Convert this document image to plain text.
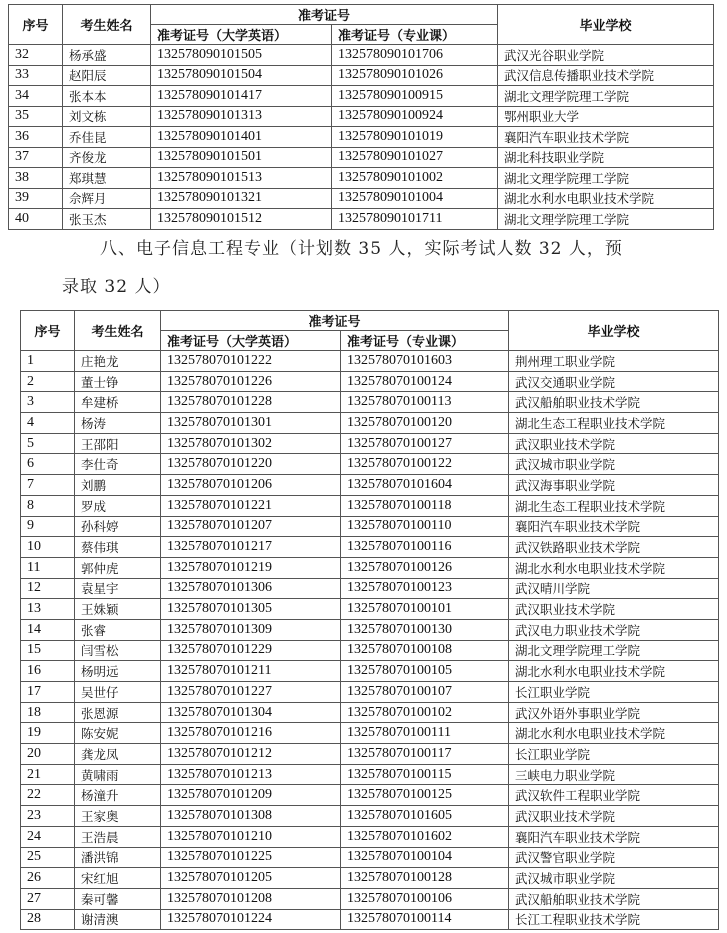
序号	考生姓名	准考证号		毕业学校
		准考证号（大学英语）	准考证号（专业课）	
32	杨承盛	132578090101505	132578090101706	武汉光谷职业学院
33	赵阳辰	132578090101504	132578090101026	武汉信息传播职业技术学院
34	张本本	132578090101417	132578090100915	湖北文理学院理工学院
35	刘文栋	132578090101313	132578090100924	鄂州职业大学
36	乔佳昆	132578090101401	132578090101019	襄阳汽车职业技术学院
37	齐俊龙	132578090101501	132578090101027	湖北科技职业学院
38	郑琪慧	132578090101513	132578090101002	湖北文理学院理工学院
39	佘辉月	132578090101321	132578090101004	湖北水利水电职业技术学院
40	张玉杰	132578090101512	132578090101711	湖北文理学院理工学院
八、电子信息工程专业（计划数 35 人，实际考试人数 32 人，预
录取 32 人）
序号	考生姓名	准考证号		毕业学校
		准考证号（大学英语）	准考证号（专业课）	
1	庄艳龙	132578070101222	132578070101603	荆州理工职业学院
2	董士铮	132578070101226	132578070100124	武汉交通职业学院
3	牟建桥	132578070101228	132578070100113	武汉船舶职业技术学院
4	杨涛	132578070101301	132578070100120	湖北生态工程职业技术学院
5	王邵阳	132578070101302	132578070100127	武汉职业技术学院
6	李仕奇	132578070101220	132578070100122	武汉城市职业学院
7	刘鹏	132578070101206	132578070101604	武汉海事职业学院
8	罗成	132578070101221	132578070100118	湖北生态工程职业技术学院
9	孙科婷	132578070101207	132578070100110	襄阳汽车职业技术学院
10	蔡伟琪	132578070101217	132578070100116	武汉铁路职业技术学院
11	郭仲虎	132578070101219	132578070100126	湖北水利水电职业技术学院
12	袁星宇	132578070101306	132578070100123	武汉晴川学院
13	王姝颖	132578070101305	132578070100101	武汉职业技术学院
14	张睿	132578070101309	132578070100130	武汉电力职业技术学院
15	闫雪松	132578070101229	132578070100108	湖北文理学院理工学院
16	杨明远	132578070101211	132578070100105	湖北水利水电职业技术学院
17	吴世仔	132578070101227	132578070100107	长江职业学院
18	张恩源	132578070101304	132578070100102	武汉外语外事职业学院
19	陈安妮	132578070101216	132578070100111	湖北水利水电职业技术学院
20	龚龙凤	132578070101212	132578070100117	长江职业学院
21	黄啸雨	132578070101213	132578070100115	三峡电力职业学院
22	杨潼升	132578070101209	132578070100125	武汉软件工程职业学院
23	王家奥	132578070101308	132578070101605	武汉职业技术学院
24	王浩晨	132578070101210	132578070101602	襄阳汽车职业技术学院
25	潘洪锦	132578070101225	132578070100104	武汉警官职业学院
26	宋红旭	132578070101205	132578070100128	武汉城市职业学院
27	秦可馨	132578070101208	132578070100106	武汉船舶职业技术学院
28	谢清澳	132578070101224	132578070100114	长江工程职业技术学院
